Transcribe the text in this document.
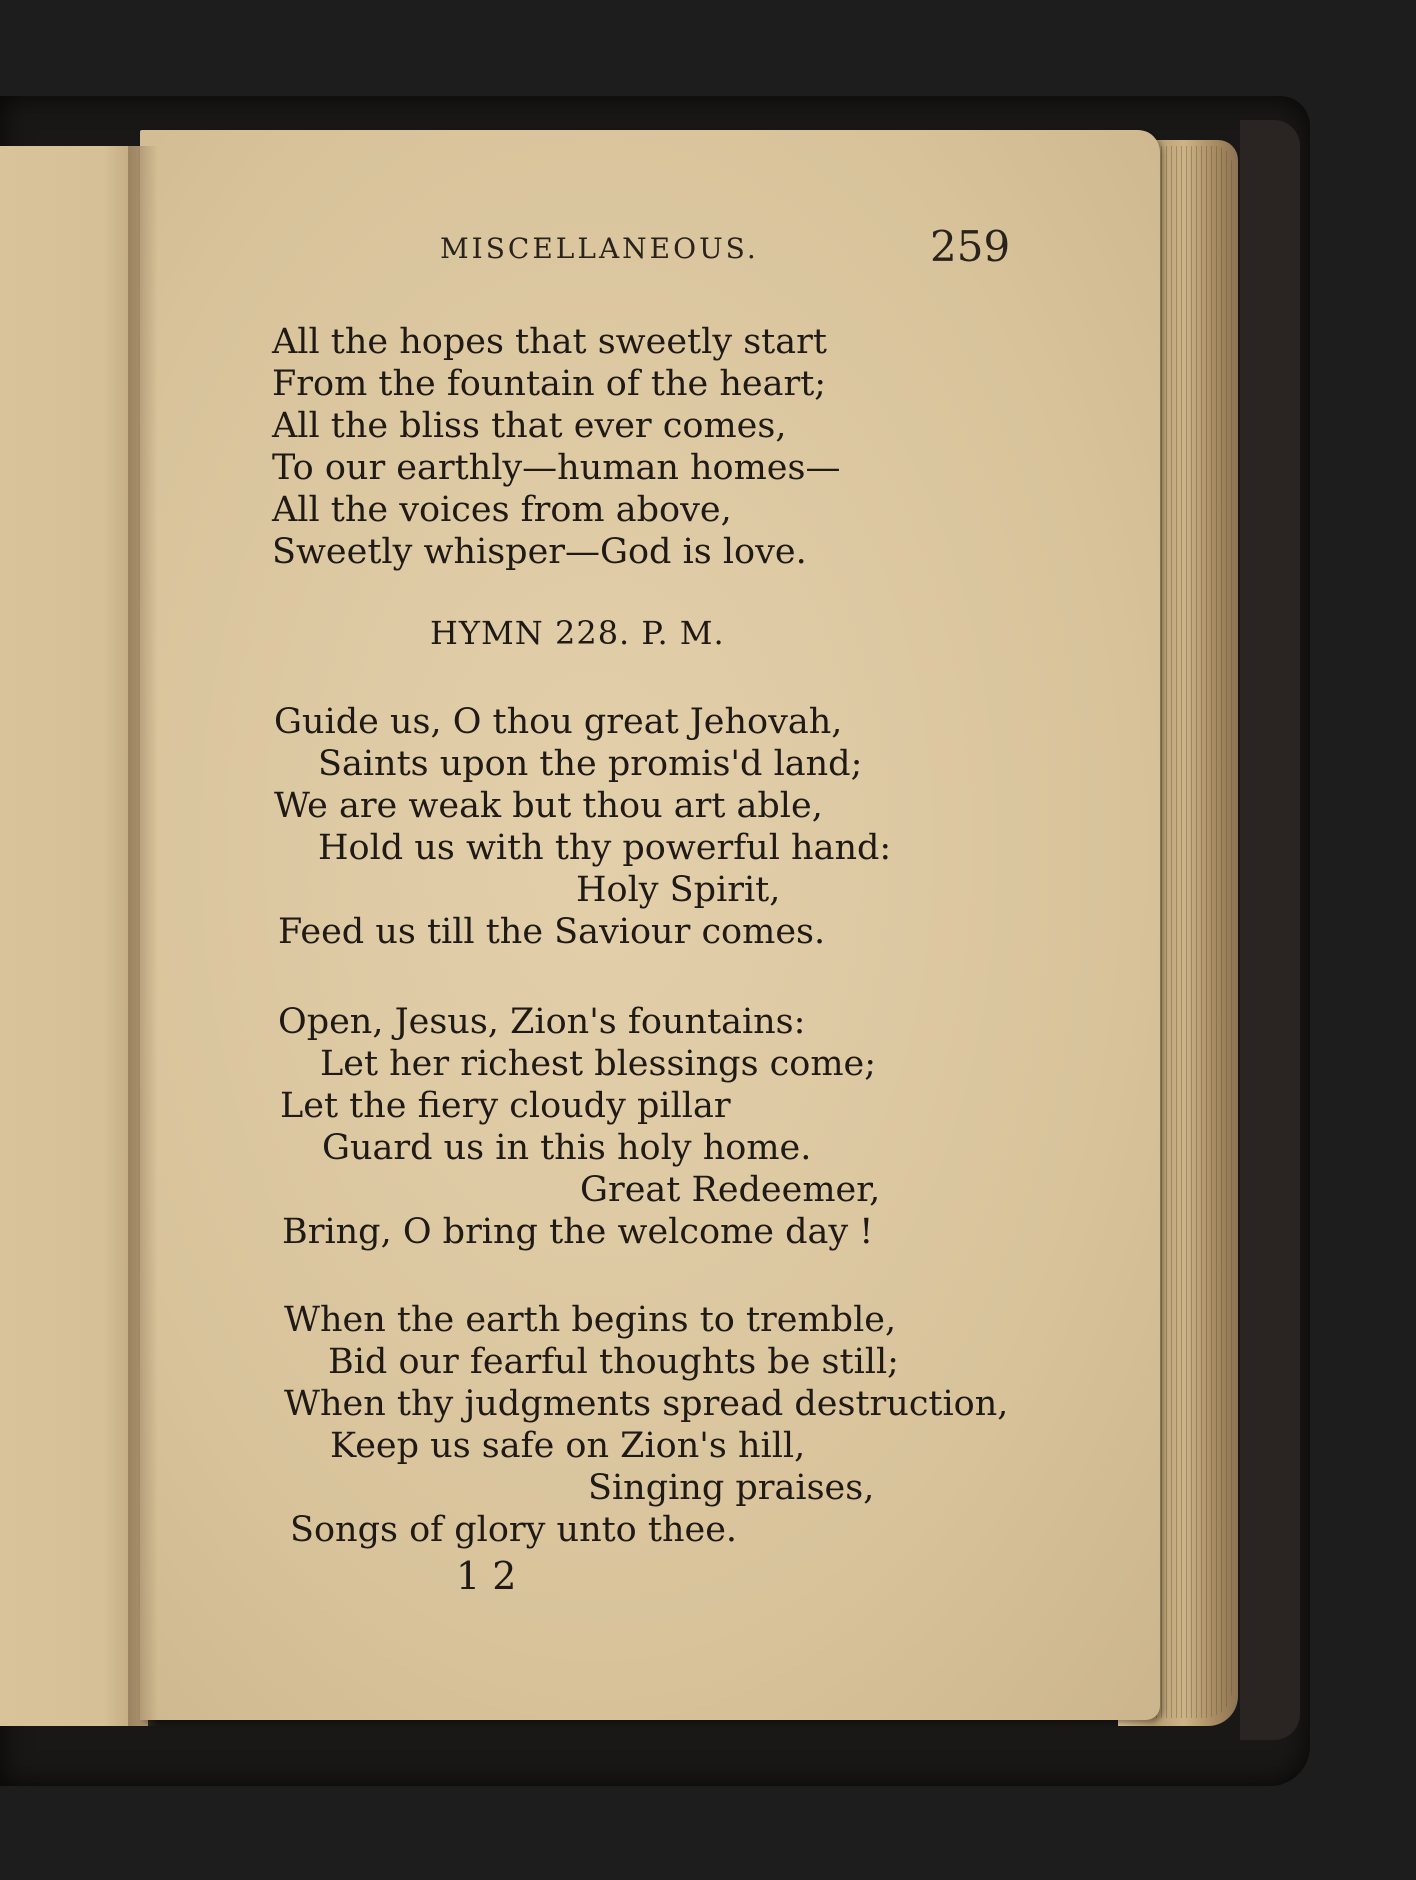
MISCELLANEOUS.	259
All the hopes that sweetly start
From the fountain of the heart;
All the bliss that ever comes,
To our earthly—human homes—
All the voices from above,
Sweetly whisper—God is love.
HYMN 228. P. M.
Guide us, O thou great Jehovah,
Saints upon the promis'd land;
We are weak but thou art able,
Hold us with thy powerful hand:
Holy Spirit,
Feed us till the Saviour comes.
Open, Jesus, Zion's fountains:
Let her richest blessings come;
Let the fiery cloudy pillar
Guard us in this holy home.
Great Redeemer,
Bring, O bring the welcome day !
When the earth begins to tremble,
Bid our fearful thoughts be still;
When thy judgments spread destruction,
Keep us safe on Zion's hill,
Singing praises,
Songs of glory unto thee.
1 2
